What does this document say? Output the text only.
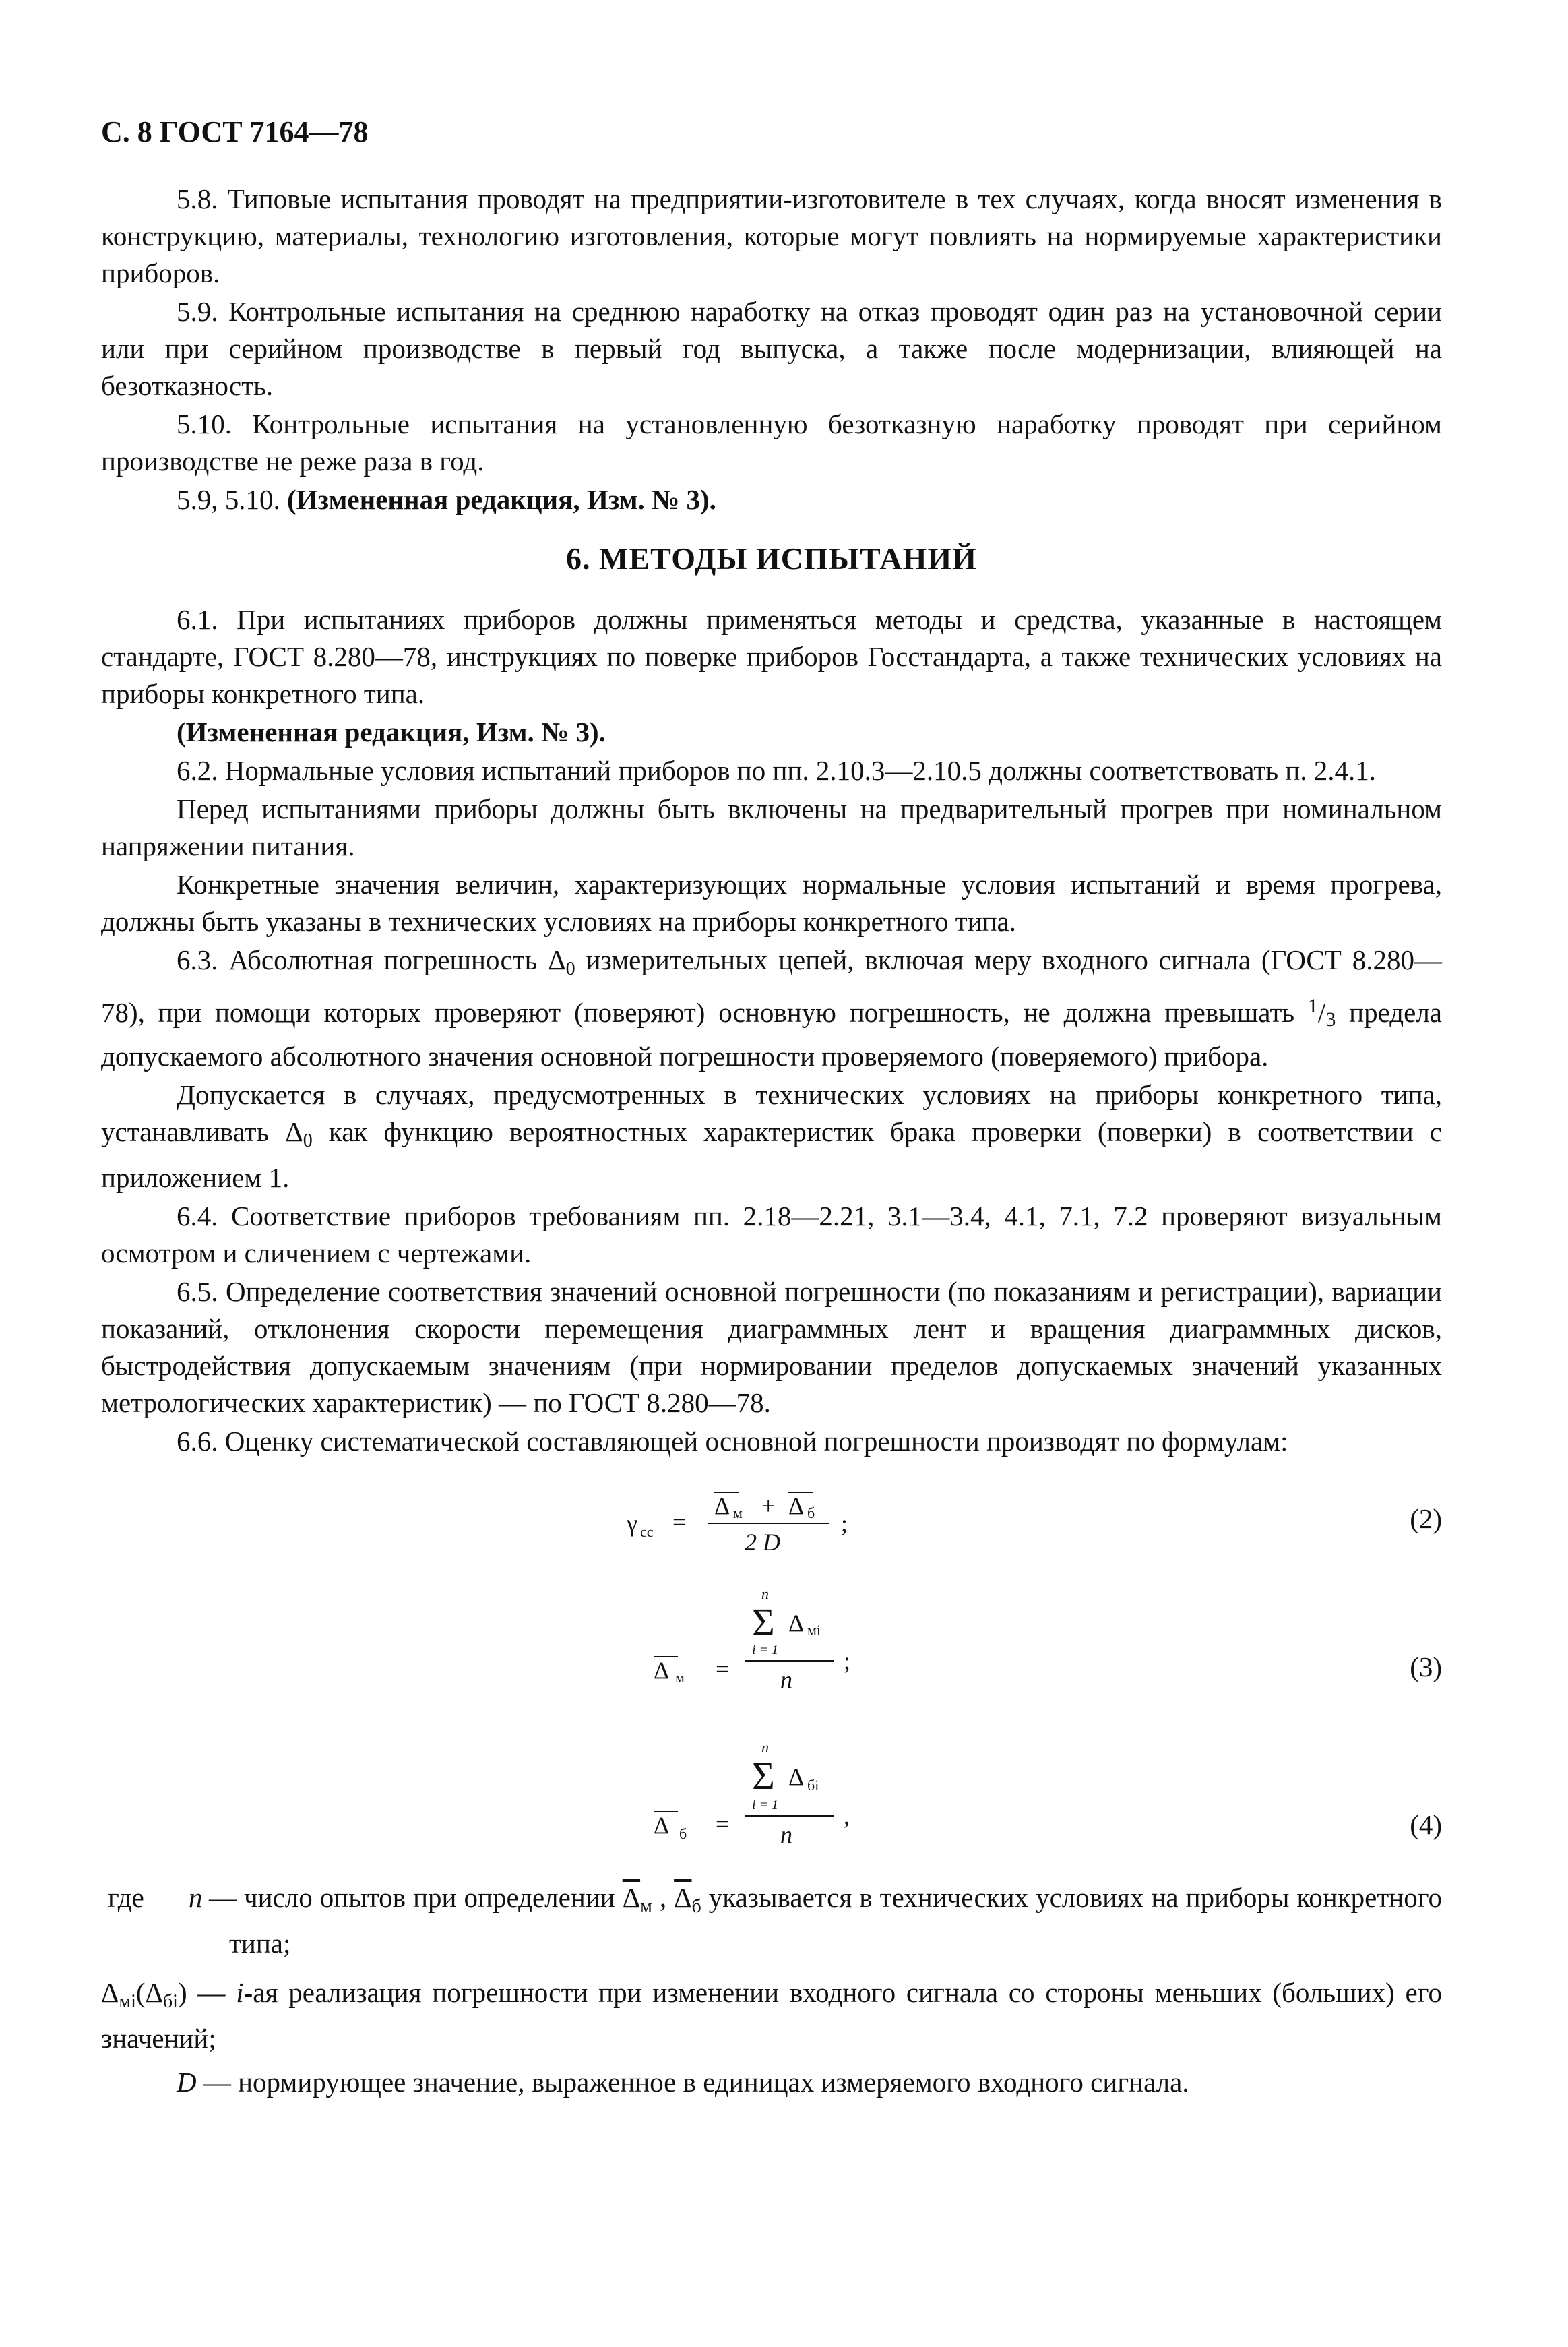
С. 8 ГОСТ 7164—78

5.8. Типовые испытания проводят на предприятии-изготовителе в тех случаях, когда вносят изменения в конструкцию, материалы, технологию изготовления, которые могут повлиять на нормируемые характеристики приборов.

5.9. Контрольные испытания на среднюю наработку на отказ проводят один раз на установочной серии или при серийном производстве в первый год выпуска, а также после модернизации, влияющей на безотказность.

5.10. Контрольные испытания на установленную безотказную наработку проводят при серийном производстве не реже раза в год.

5.9, 5.10. (Измененная редакция, Изм. № 3).

6. МЕТОДЫ ИСПЫТАНИЙ

6.1. При испытаниях приборов должны применяться методы и средства, указанные в настоящем стандарте, ГОСТ 8.280—78, инструкциях по поверке приборов Госстандарта, а также технических условиях на приборы конкретного типа.

(Измененная редакция, Изм. № 3).

6.2. Нормальные условия испытаний приборов по пп. 2.10.3—2.10.5 должны соответствовать п. 2.4.1.

Перед испытаниями приборы должны быть включены на предварительный прогрев при номинальном напряжении питания.

Конкретные значения величин, характеризующих нормальные условия испытаний и время прогрева, должны быть указаны в технических условиях на приборы конкретного типа.

6.3. Абсолютная погрешность $\Delta_0$ измерительных цепей, включая меру входного сигнала (ГОСТ 8.280—78), при помощи которых проверяют (поверяют) основную погрешность, не должна превышать $^1$/3 предела допускаемого абсолютного значения основной погрешности проверяемого (поверяемого) прибора.

Допускается в случаях, предусмотренных в технических условиях на приборы конкретного типа, устанавливать $\Delta_0$ как функцию вероятностных характеристик брака проверки (поверки) в соответствии с приложением 1.

6.4. Соответствие приборов требованиям пп. 2.18—2.21, 3.1—3.4, 4.1, 7.1, 7.2 проверяют визуальным осмотром и сличением с чертежами.

6.5. Определение соответствия значений основной погрешности (по показаниям и регистрации), вариации показаний, отклонения скорости перемещения диаграммных лент и вращения диаграммных дисков, быстродействия допускаемым значениям (при нормировании пределов допускаемых значений указанных метрологических характеристик) — по ГОСТ 8.280—78.

6.6. Оценку систематической составляющей основной погрешности производят по формулам:

γ сс =
Δ м + Δ б
2 D
;	(2)
Δ м =
n
Σ Δ мi
i = 1
n
;	(3)
Δ б =
n
Σ Δ бi
i = 1
n
,	(4)
где n — число опытов при определении $\overline{\Delta}_м$ , $\overline{\Delta}_б$ указывается в технических условиях на приборы конкретного типа;
$\Delta_{мi}(\Delta_{бi})$ — i-ая реализация погрешности при изменении входного сигнала со стороны меньших (больших) его значений;
D — нормирующее значение, выраженное в единицах измеряемого входного сигнала.
